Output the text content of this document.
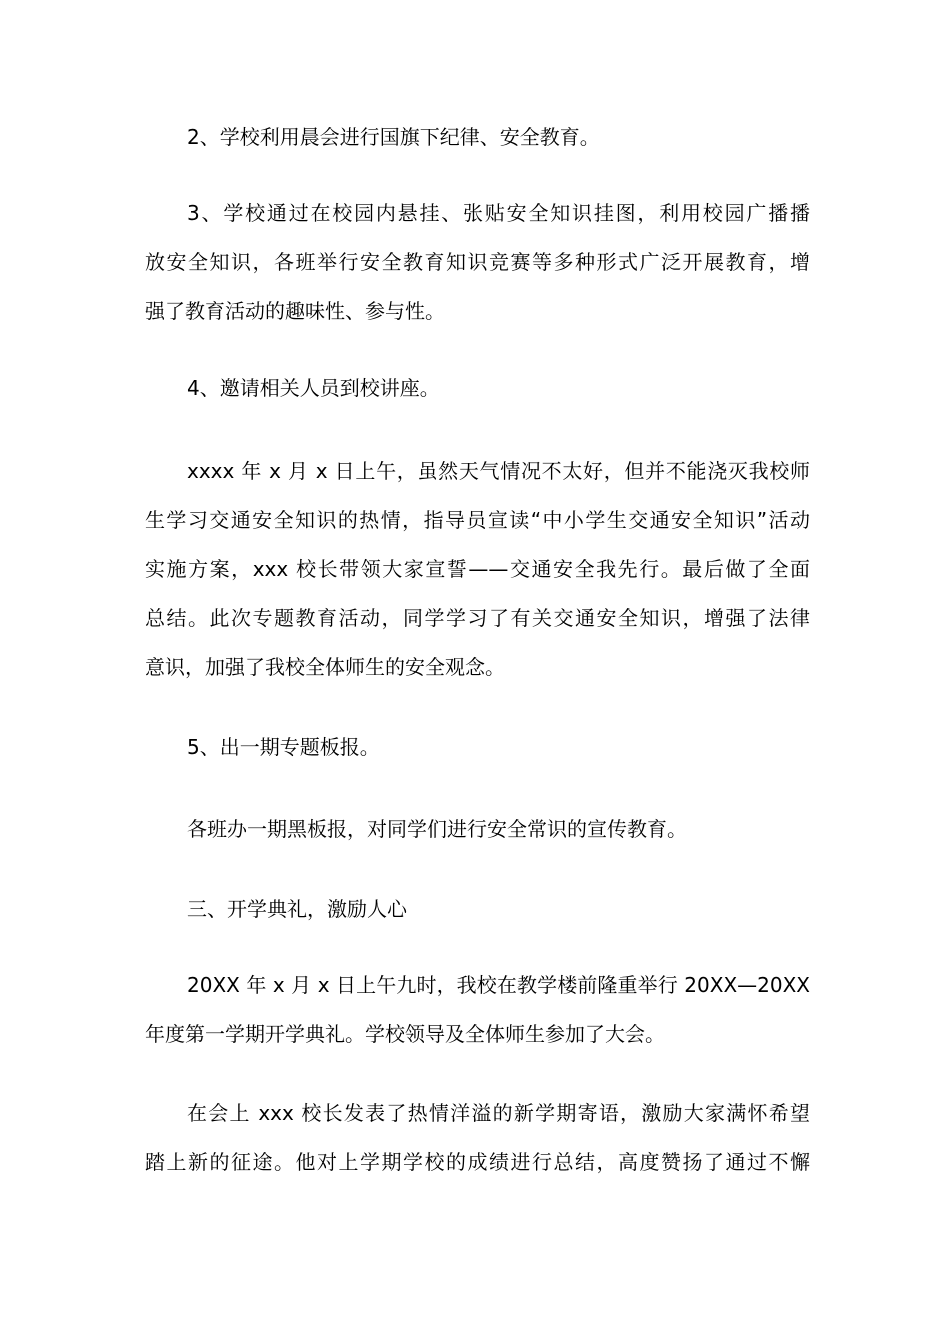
2、学校利用晨会进行国旗下纪律、安全教育。
3、学校通过在校园内悬挂、张贴安全知识挂图，利用校园广播播
放安全知识，各班举行安全教育知识竞赛等多种形式广泛开展教育，增
强了教育活动的趣味性、参与性。
4、邀请相关人员到校讲座。
xxxx 年 x 月 x 日上午，虽然天气情况不太好，但并不能浇灭我校师
生学习交通安全知识的热情，指导员宣读“中小学生交通安全知识”活动
实施方案，xxx 校长带领大家宣誓——交通安全我先行。最后做了全面
总结。此次专题教育活动，同学学习了有关交通安全知识，增强了法律
意识，加强了我校全体师生的安全观念。
5、出一期专题板报。
各班办一期黑板报，对同学们进行安全常识的宣传教育。
三、开学典礼，激励人心
20XX 年 x 月 x 日上午九时，我校在教学楼前隆重举行 20XX—20XX
年度第一学期开学典礼。学校领导及全体师生参加了大会。
在会上 xxx 校长发表了热情洋溢的新学期寄语，激励大家满怀希望
踏上新的征途。他对上学期学校的成绩进行总结，高度赞扬了通过不懈
